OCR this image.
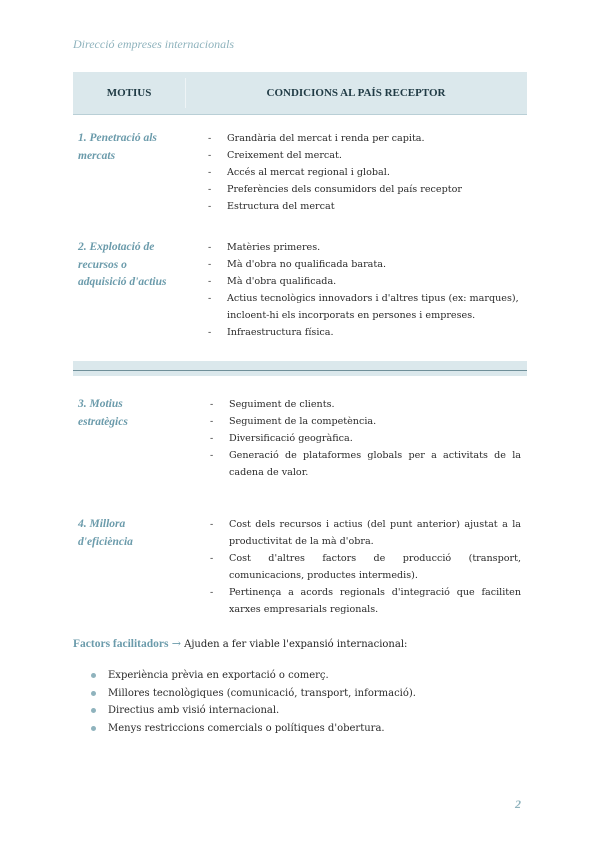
Direcció empreses internacionals
MOTIUS	CONDICIONS AL PAÍS RECEPTOR
1. Penetració als
mercats
- Grandària del mercat i renda per capita.
- Creixement del mercat.
- Accés al mercat regional i global.
- Preferències dels consumidors del país receptor
- Estructura del mercat
2. Explotació de
recursos o
adquisició d'actius
- Matèries primeres.
- Mà d'obra no qualificada barata.
- Mà d'obra qualificada.
- Actius tecnològics innovadors i d'altres tipus (ex: marques), incloent-hi els incorporats en persones i empreses.
- Infraestructura física.
3. Motius
estratègics
- Seguiment de clients.
- Seguiment de la competència.
- Diversificació geogràfica.
- Generació de plataformes globals per a activitats de la cadena de valor.
4. Millora
d'eficiència
- Cost dels recursos i actius (del punt anterior) ajustat a la productivitat de la mà d'obra.
- Cost d'altres factors de producció (transport, comunicacions, productes intermedis).
- Pertinença a acords regionals d'integració que faciliten xarxes empresarials regionals.
Factors facilitadors → Ajuden a fer viable l'expansió internacional:
Experiència prèvia en exportació o comerç.
Millores tecnològiques (comunicació, transport, informació).
Directius amb visió internacional.
Menys restriccions comercials o polítiques d'obertura.
2
